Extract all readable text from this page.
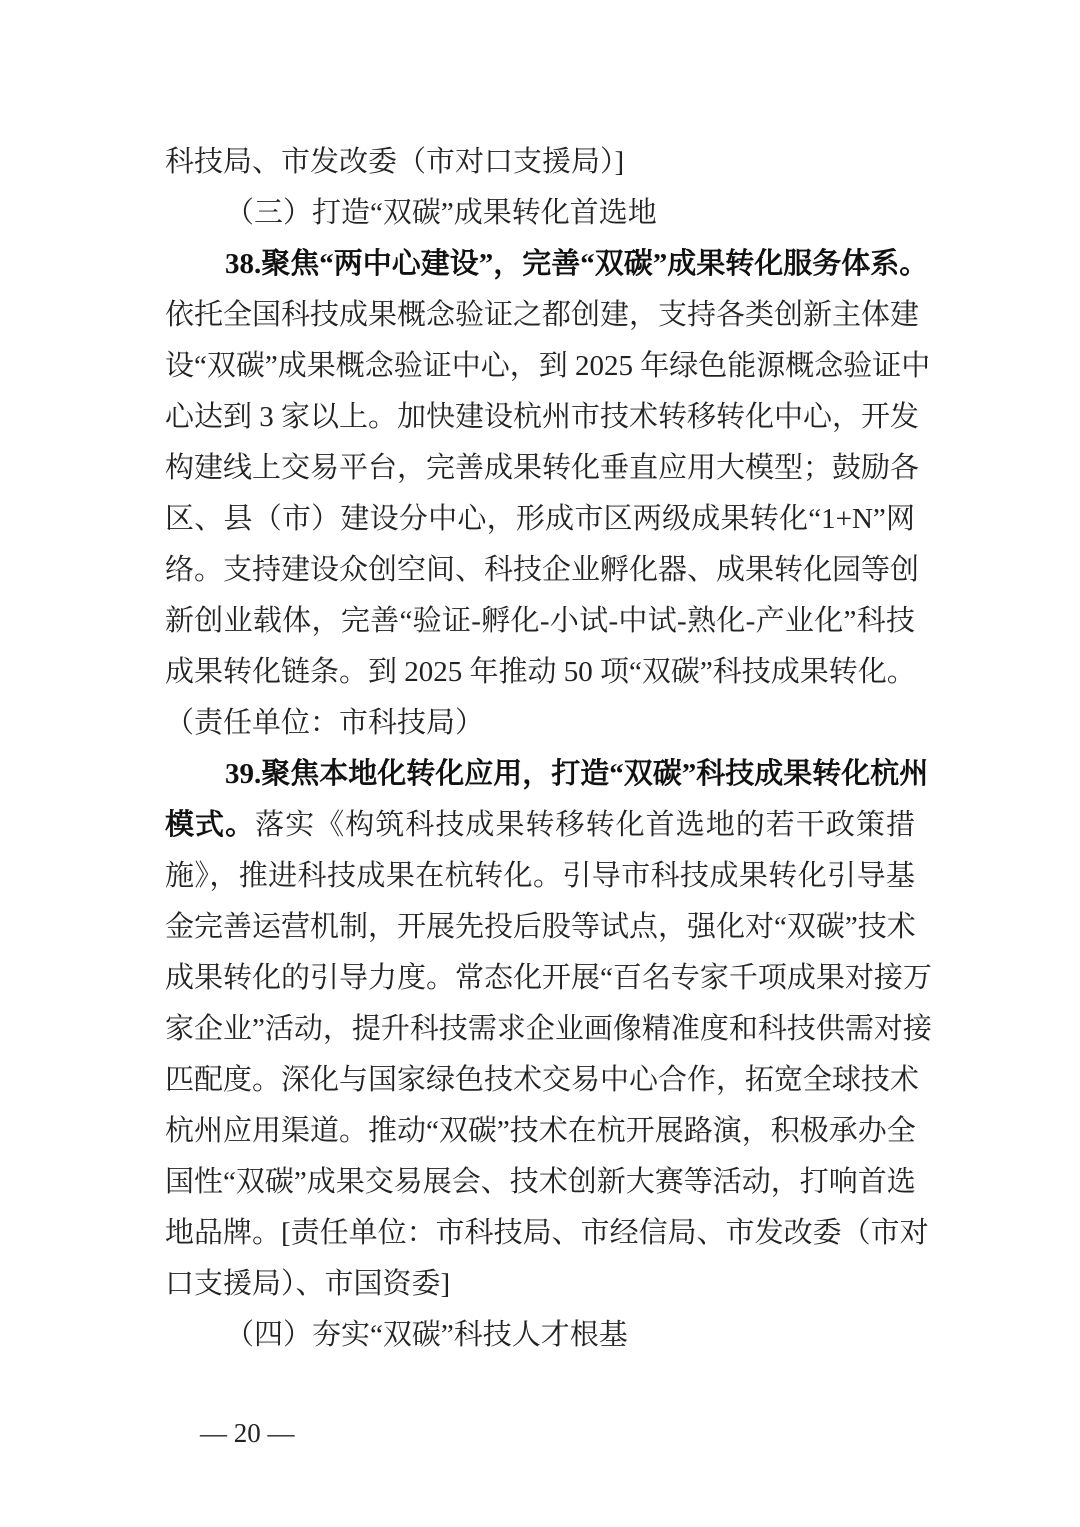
科技局、市发改委（市对口支援局）]
（三）打造“双碳”成果转化首选地
38.聚焦“两中心建设”，完善“双碳”成果转化服务体系。
依托全国科技成果概念验证之都创建，支持各类创新主体建
设“双碳”成果概念验证中心，到 2025 年绿色能源概念验证中
心达到 3 家以上。加快建设杭州市技术转移转化中心，开发
构建线上交易平台，完善成果转化垂直应用大模型；鼓励各
区、县（市）建设分中心，形成市区两级成果转化“1+N”网
络。支持建设众创空间、科技企业孵化器、成果转化园等创
新创业载体，完善“验证-孵化-小试-中试-熟化-产业化”科技
成果转化链条。到 2025 年推动 50 项“双碳”科技成果转化。
（责任单位：市科技局）
39.聚焦本地化转化应用，打造“双碳”科技成果转化杭州
模式。落实《构筑科技成果转移转化首选地的若干政策措
施》，推进科技成果在杭转化。引导市科技成果转化引导基
金完善运营机制，开展先投后股等试点，强化对“双碳”技术
成果转化的引导力度。常态化开展“百名专家千项成果对接万
家企业”活动，提升科技需求企业画像精准度和科技供需对接
匹配度。深化与国家绿色技术交易中心合作，拓宽全球技术
杭州应用渠道。推动“双碳”技术在杭开展路演，积极承办全
国性“双碳”成果交易展会、技术创新大赛等活动，打响首选
地品牌。[责任单位：市科技局、市经信局、市发改委（市对
口支援局）、市国资委]
（四）夯实“双碳”科技人才根基
— 20 —
